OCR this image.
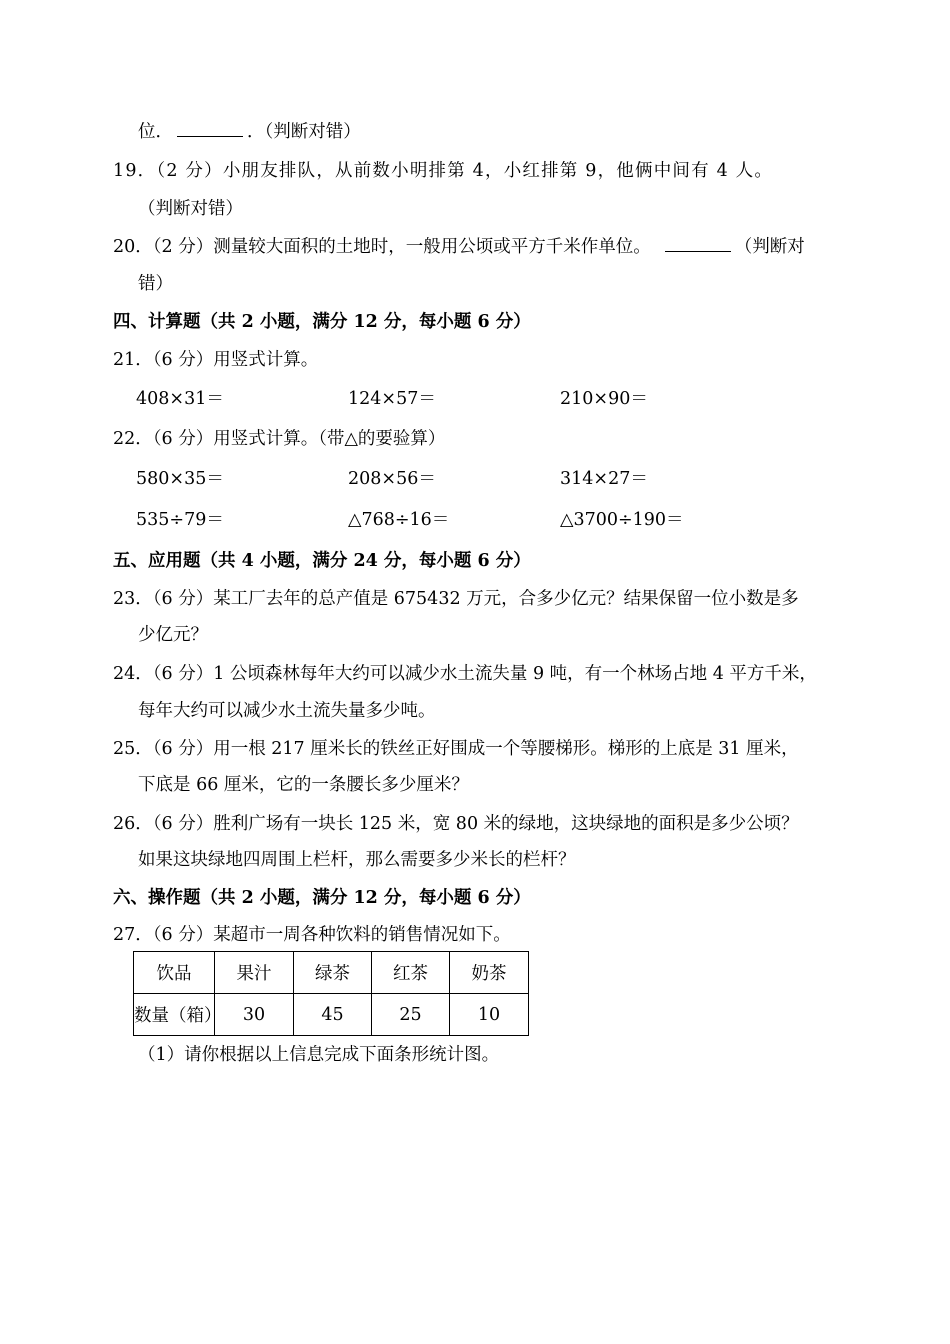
位．	．（判断对错）
19．（2 分）小朋友排队，从前数小明排第 4，小红排第 9，他俩中间有 4 人。
（判断对错）
20．（2 分）测量较大面积的土地时，一般用公顷或平方千米作单位。	（判断对
错）
四、计算题（共 2 小题，满分 12 分，每小题 6 分）
21．（6 分）用竖式计算。
408×31＝	124×57＝	210×90＝
22．（6 分）用竖式计算。（带△的要验算）
580×35＝	208×56＝	314×27＝
535÷79＝	△768÷16＝	△3700÷190＝
五、应用题（共 4 小题，满分 24 分，每小题 6 分）
23．（6 分）某工厂去年的总产值是 675432 万元，合多少亿元？结果保留一位小数是多
少亿元？
24．（6 分）1 公顷森林每年大约可以减少水土流失量 9 吨，有一个林场占地 4 平方千米，
每年大约可以减少水土流失量多少吨。
25．（6 分）用一根 217 厘米长的铁丝正好围成一个等腰梯形。梯形的上底是 31 厘米，
下底是 66 厘米，它的一条腰长多少厘米？
26．（6 分）胜利广场有一块长 125 米，宽 80 米的绿地，这块绿地的面积是多少公顷？
如果这块绿地四周围上栏杆，那么需要多少米长的栏杆？
六、操作题（共 2 小题，满分 12 分，每小题 6 分）
27．（6 分）某超市一周各种饮料的销售情况如下。
饮品	果汁	绿茶	红茶	奶茶
数量（箱）	30	45	25	10
（1）请你根据以上信息完成下面条形统计图。
